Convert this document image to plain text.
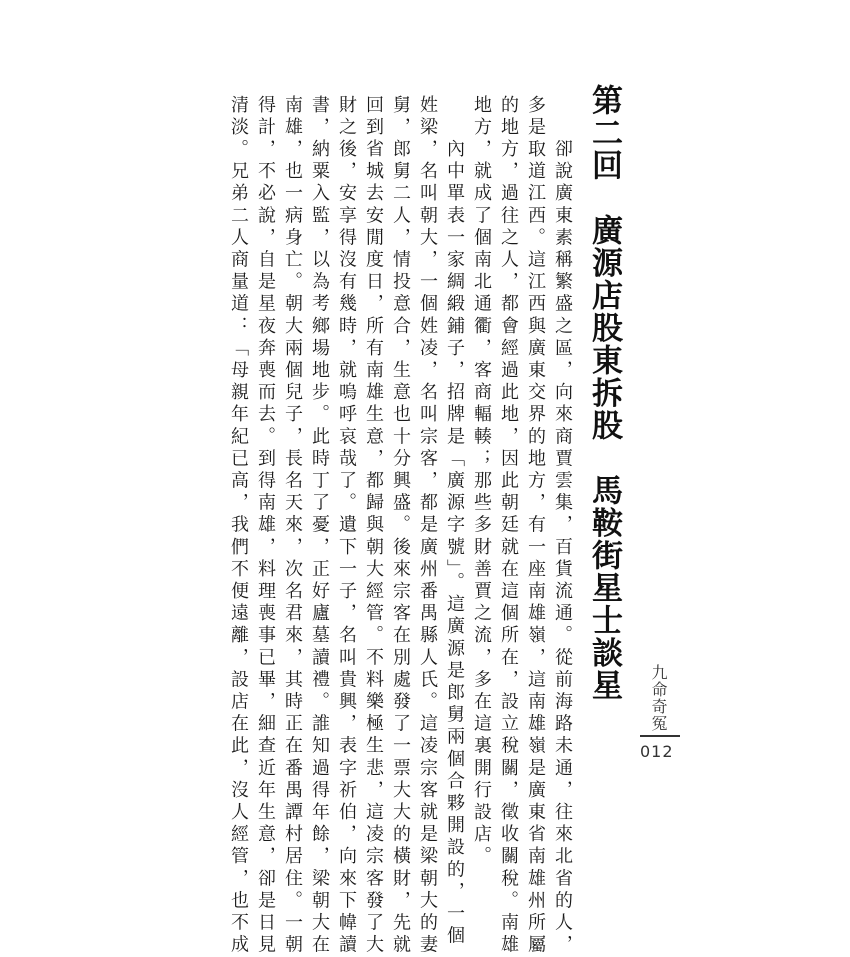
第二回　廣源店股東拆股　馬鞍街星士談星
　　卻說廣東素稱繁盛之區，向來商賈雲集，百貨流通。從前海路未通，往來北省的人，
多是取道江西。這江西與廣東交界的地方，有一座南雄嶺，這南雄嶺是廣東省南雄州所屬
的地方，過往之人，都會經過此地，因此朝廷就在這個所在，設立稅關，徵收關稅。南雄
地方，就成了個南北通衢，客商輻輳；那些多財善賈之流，多在這裏開行設店。
　　內中單表一家綢緞鋪子，招牌是「廣源字號」。這廣源是郎舅兩個合夥開設的，一個
姓梁，名叫朝大，一個姓凌，名叫宗客，都是廣州番禺縣人氏。這凌宗客就是梁朝大的妻
舅，郎舅二人，情投意合，生意也十分興盛。後來宗客在別處發了一票大大的橫財，先就
回到省城去安閒度日，所有南雄生意，都歸與朝大經管。不料樂極生悲，這凌宗客發了大
財之後，安享得沒有幾時，就嗚呼哀哉了。遺下一子，名叫貴興，表字祈伯，向來下幃讀
書，納粟入監，以為考鄉場地步。此時丁了憂，正好廬墓讀禮。誰知過得年餘，梁朝大在
南雄，也一病身亡。朝大兩個兒子，長名天來，次名君來，其時正在番禺譚村居住。一朝
得計，不必說，自是星夜奔喪而去。到得南雄，料理喪事已畢，細查近年生意，卻是日見
清淡。兄弟二人商量道：「母親年紀已高，我們不便遠離，設店在此，沒人經管，也不成	九命奇冤
012
